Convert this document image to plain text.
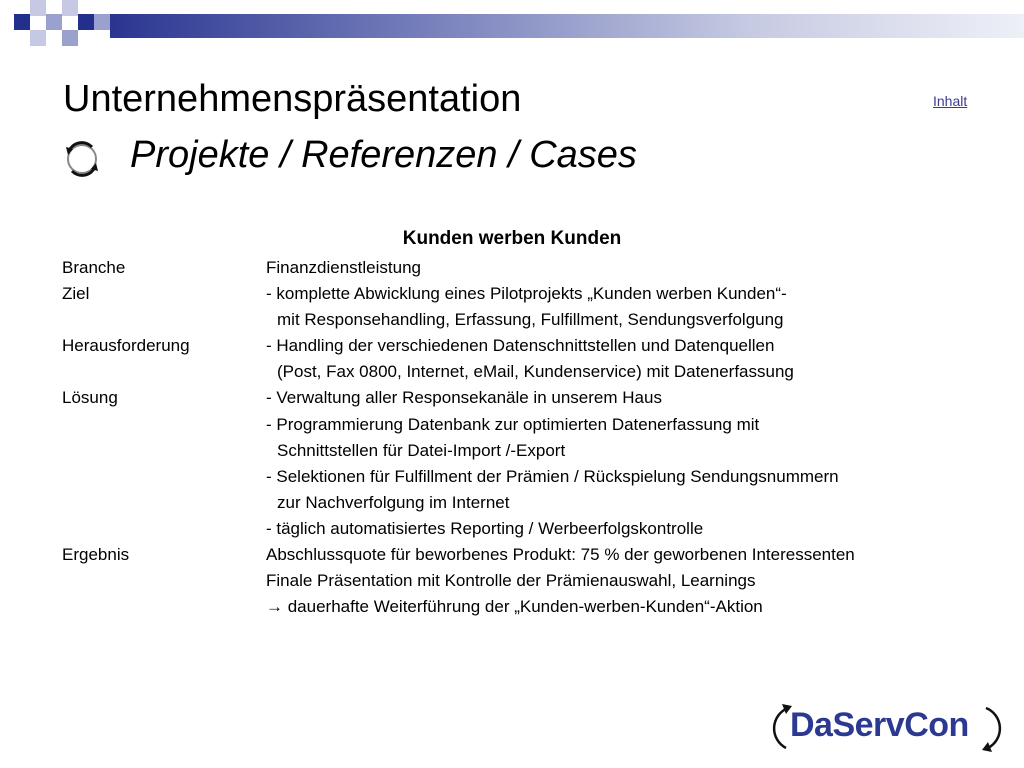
Unternehmenspräsentation
Projekte / Referenzen / Cases
Inhalt
Kunden werben Kunden
Branche	Finanzdienstleistung
Ziel	- komplette Abwicklung eines Pilotprojekts „Kunden werben Kunden“-
mit Responsehandling, Erfassung, Fulfillment, Sendungsverfolgung
Herausforderung	- Handling der verschiedenen Datenschnittstellen und Datenquellen
(Post, Fax 0800, Internet, eMail, Kundenservice) mit Datenerfassung
Lösung	- Verwaltung aller Responsekanäle in unserem Haus
- Programmierung Datenbank zur optimierten Datenerfassung mit
Schnittstellen für Datei-Import /-Export
- Selektionen für Fulfillment der Prämien / Rückspielung Sendungsnummern
zur Nachverfolgung im Internet
- täglich automatisiertes Reporting / Werbeerfolgskontrolle
Ergebnis	Abschlussquote für beworbenes Produkt: 75 % der geworbenen Interessenten
Finale Präsentation mit Kontrolle der Prämienauswahl, Learnings
→ dauerhafte Weiterführung der „Kunden-werben-Kunden“-Aktion
DaServCon
